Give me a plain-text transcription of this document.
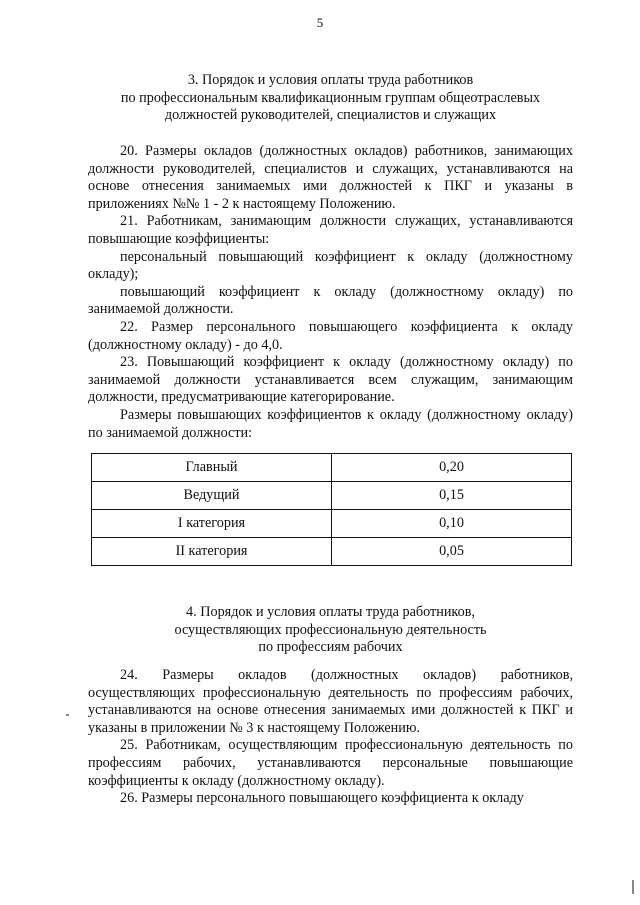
5
3. Порядок и условия оплаты труда работников
по профессиональным квалификационным группам общеотраслевых
должностей руководителей, специалистов и служащих

20. Размеры окладов (должностных окладов) работников, занимающих должности руководителей, специалистов и служащих, устанавливаются на основе отнесения занимаемых ими должностей к ПКГ и указаны в приложениях №№ 1 - 2 к настоящему Положению.

21. Работникам, занимающим должности служащих, устанавливаются повышающие коэффициенты:

персональный повышающий коэффициент к окладу (должностному окладу);

повышающий коэффициент к окладу (должностному окладу) по занимаемой должности.

22. Размер персонального повышающего коэффициента к окладу (должностному окладу) - до 4,0.

23. Повышающий коэффициент к окладу (должностному окладу) по занимаемой должности устанавливается всем служащим, занимающим должности, предусматривающие категорирование.

Размеры повышающих коэффициентов к окладу (должностному окладу) по занимаемой должности:

Главный	0,20
Ведущий	0,15
I категория	0,10
II категория	0,05
4. Порядок и условия оплаты труда работников,
осуществляющих профессиональную деятельность
по профессиям рабочих

24. Размеры окладов (должностных окладов) работников, осуществляющих профессиональную деятельность по профессиям рабочих, устанавливаются на основе отнесения занимаемых ими должностей к ПКГ и указаны в приложении № 3 к настоящему Положению.

25. Работникам, осуществляющим профессиональную деятельность по профессиям рабочих, устанавливаются персональные повышающие коэффициенты к окладу (должностному окладу).

26. Размеры персонального повышающего коэффициента к окладу
